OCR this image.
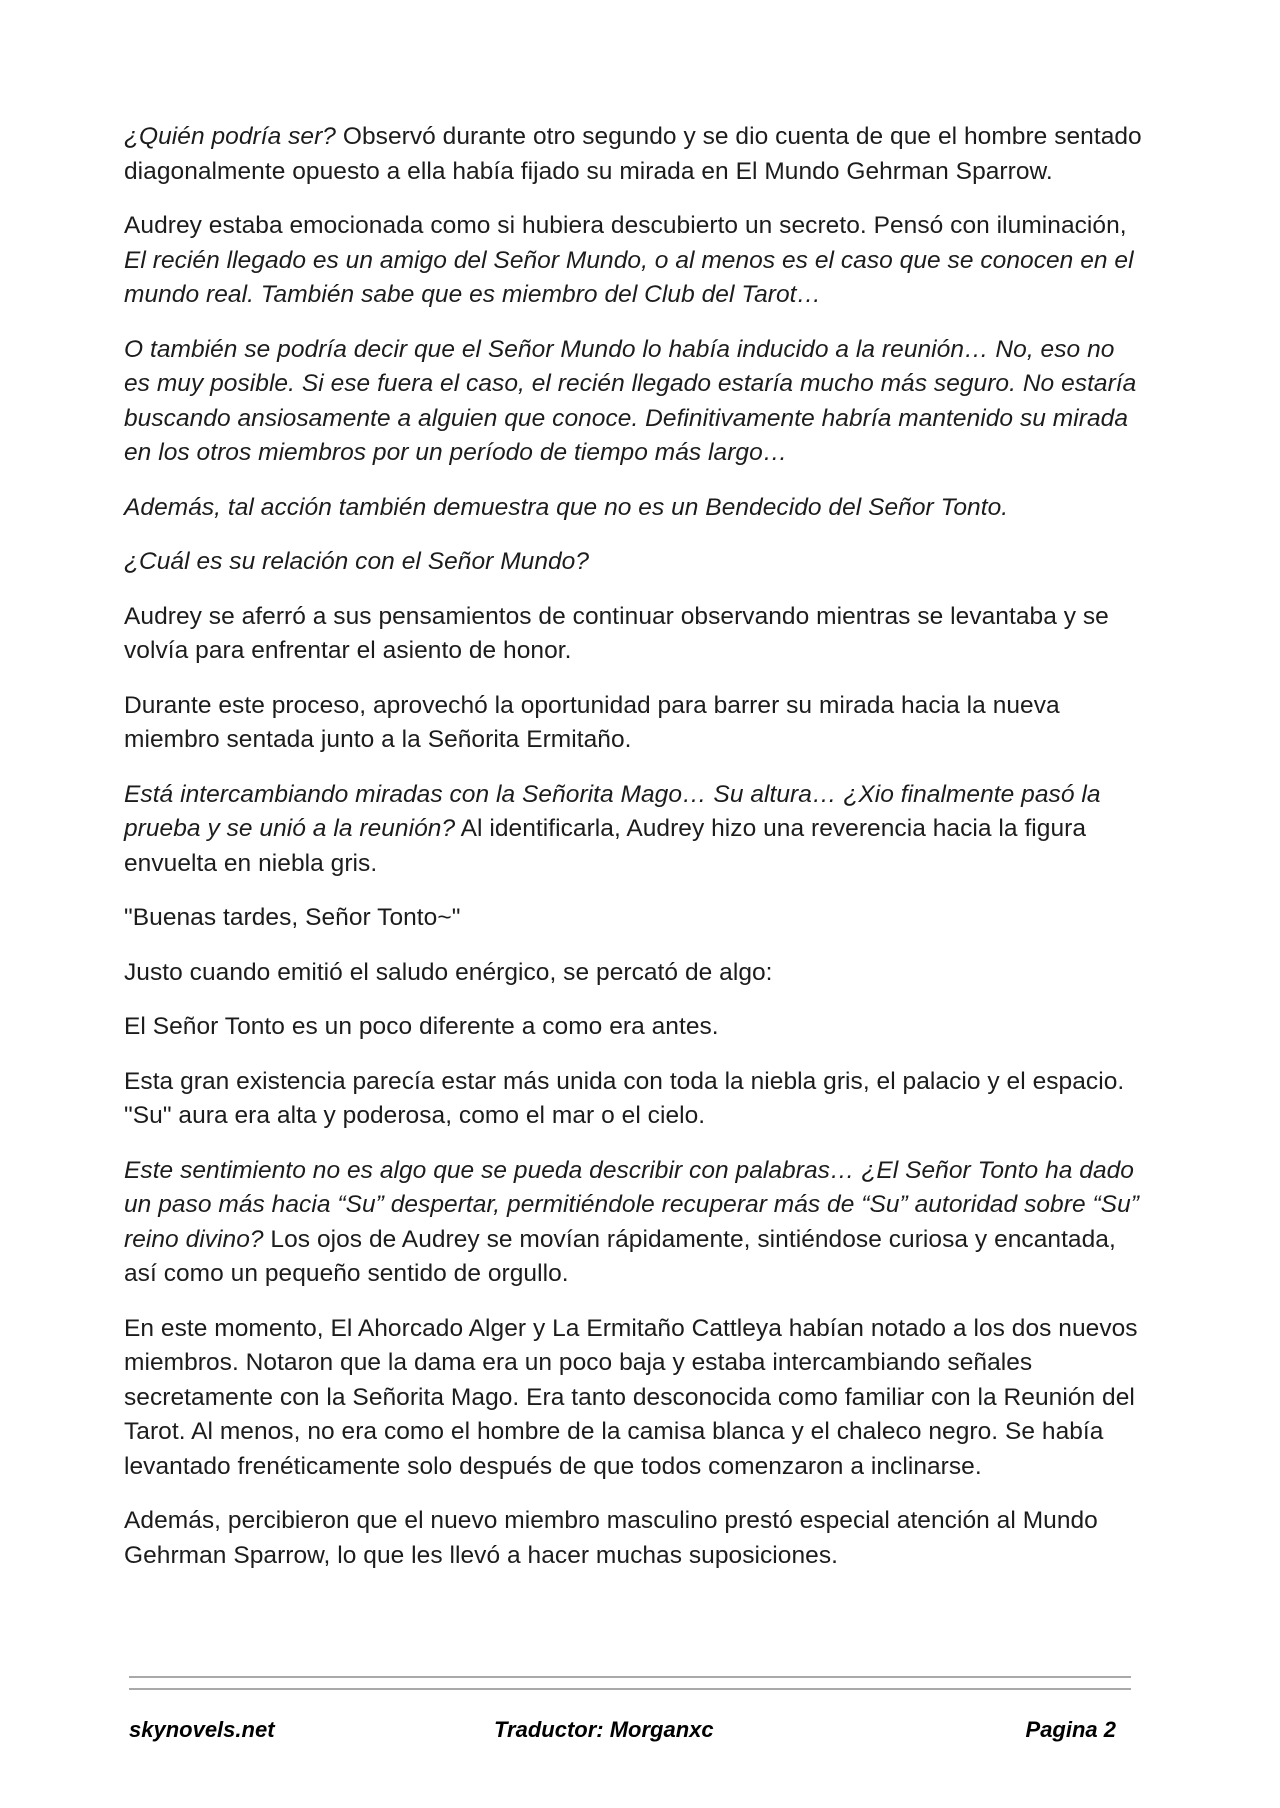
¿Quién podría ser? Observó durante otro segundo y se dio cuenta de que el hombre sentado diagonalmente opuesto a ella había fijado su mirada en El Mundo Gehrman Sparrow.

Audrey estaba emocionada como si hubiera descubierto un secreto. Pensó con iluminación, El recién llegado es un amigo del Señor Mundo, o al menos es el caso que se conocen en el mundo real. También sabe que es miembro del Club del Tarot…

O también se podría decir que el Señor Mundo lo había inducido a la reunión… No, eso no es muy posible. Si ese fuera el caso, el recién llegado estaría mucho más seguro. No estaría buscando ansiosamente a alguien que conoce. Definitivamente habría mantenido su mirada en los otros miembros por un período de tiempo más largo…

Además, tal acción también demuestra que no es un Bendecido del Señor Tonto.

¿Cuál es su relación con el Señor Mundo?

Audrey se aferró a sus pensamientos de continuar observando mientras se levantaba y se volvía para enfrentar el asiento de honor.

Durante este proceso, aprovechó la oportunidad para barrer su mirada hacia la nueva miembro sentada junto a la Señorita Ermitaño.

Está intercambiando miradas con la Señorita Mago… Su altura… ¿Xio finalmente pasó la prueba y se unió a la reunión? Al identificarla, Audrey hizo una reverencia hacia la figura envuelta en niebla gris.

"Buenas tardes, Señor Tonto~"

Justo cuando emitió el saludo enérgico, se percató de algo:

El Señor Tonto es un poco diferente a como era antes.

Esta gran existencia parecía estar más unida con toda la niebla gris, el palacio y el espacio. "Su" aura era alta y poderosa, como el mar o el cielo.

Este sentimiento no es algo que se pueda describir con palabras… ¿El Señor Tonto ha dado un paso más hacia “Su” despertar, permitiéndole recuperar más de “Su” autoridad sobre “Su” reino divino? Los ojos de Audrey se movían rápidamente, sintiéndose curiosa y encantada, así como un pequeño sentido de orgullo.

En este momento, El Ahorcado Alger y La Ermitaño Cattleya habían notado a los dos nuevos miembros. Notaron que la dama era un poco baja y estaba intercambiando señales secretamente con la Señorita Mago. Era tanto desconocida como familiar con la Reunión del Tarot. Al menos, no era como el hombre de la camisa blanca y el chaleco negro. Se había levantado frenéticamente solo después de que todos comenzaron a inclinarse.

Además, percibieron que el nuevo miembro masculino prestó especial atención al Mundo Gehrman Sparrow, lo que les llevó a hacer muchas suposiciones.

skynovels.net	Traductor: Morganxc	Pagina 2
